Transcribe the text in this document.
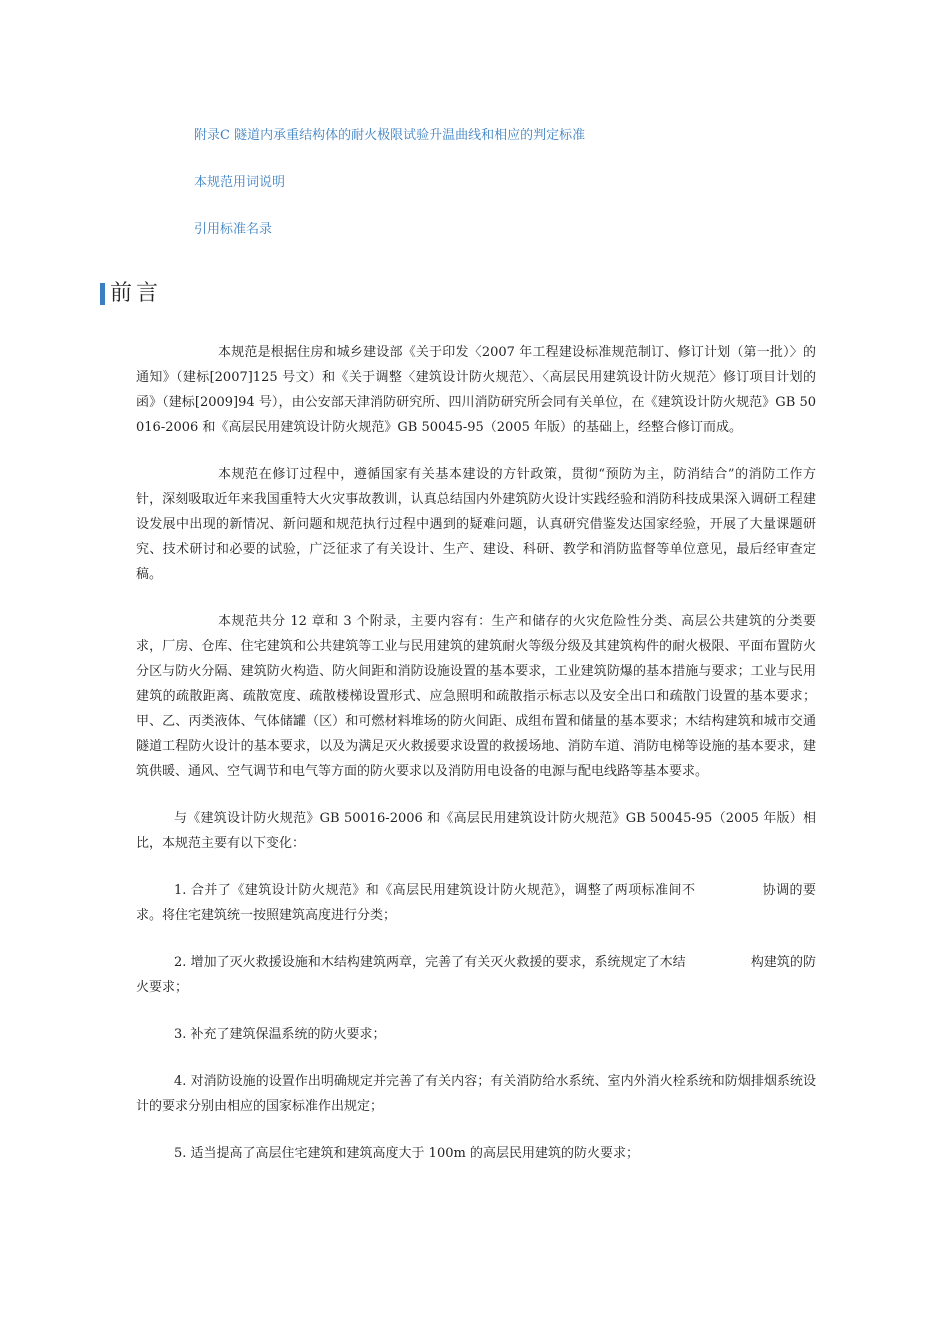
附录C 隧道内承重结构体的耐火极限试验升温曲线和相应的判定标准
本规范用词说明
引用标准名录
前言

本规范是根据住房和城乡建设部《关于印发〈2007 年工程建设标准规范制订、修订计划（第一批）〉的通知》（建标[2007]125 号文）和《关于调整〈建筑设计防火规范〉、〈高层民用建筑设计防火规范〉修订项目计划的函》（建标[2009]94 号），由公安部天津消防研究所、四川消防研究所会同有关单位，在《建筑设计防火规范》GB 50016-2006 和《高层民用建筑设计防火规范》GB 50045-95（2005 年版）的基础上，经整合修订而成。

本规范在修订过程中，遵循国家有关基本建设的方针政策，贯彻“预防为主，防消结合”的消防工作方针，深刻吸取近年来我国重特大火灾事故教训，认真总结国内外建筑防火设计实践经验和消防科技成果深入调研工程建设发展中出现的新情况、新问题和规范执行过程中遇到的疑难问题，认真研究借鉴发达国家经验，开展了大量课题研究、技术研讨和必要的试验，广泛征求了有关设计、生产、建设、科研、教学和消防监督等单位意见，最后经审查定稿。

本规范共分 12 章和 3 个附录，主要内容有：生产和储存的火灾危险性分类、高层公共建筑的分类要求，厂房、仓库、住宅建筑和公共建筑等工业与民用建筑的建筑耐火等级分级及其建筑构件的耐火极限、平面布置防火分区与防火分隔、建筑防火构造、防火间距和消防设施设置的基本要求，工业建筑防爆的基本措施与要求；工业与民用建筑的疏散距离、疏散宽度、疏散楼梯设置形式、应急照明和疏散指示标志以及安全出口和疏散门设置的基本要求；甲、乙、丙类液体、气体储罐（区）和可燃材料堆场的防火间距、成组布置和储量的基本要求；木结构建筑和城市交通隧道工程防火设计的基本要求，以及为满足灭火救援要求设置的救援场地、消防车道、消防电梯等设施的基本要求，建筑供暖、通风、空气调节和电气等方面的防火要求以及消防用电设备的电源与配电线路等基本要求。

与《建筑设计防火规范》GB 50016-2006 和《高层民用建筑设计防火规范》GB 50045-95（2005 年版）相比，本规范主要有以下变化：

1. 合并了《建筑设计防火规范》和《高层民用建筑设计防火规范》，调整了两项标准间不　　　　　协调的要求。将住宅建筑统一按照建筑高度进行分类；

2. 增加了灭火救援设施和木结构建筑两章，完善了有关灭火救援的要求，系统规定了木结　　　　　构建筑的防火要求；

3. 补充了建筑保温系统的防火要求；

4. 对消防设施的设置作出明确规定并完善了有关内容；有关消防给水系统、室内外消火栓系统和防烟排烟系统设计的要求分别由相应的国家标准作出规定；

5. 适当提高了高层住宅建筑和建筑高度大于 100m 的高层民用建筑的防火要求；
